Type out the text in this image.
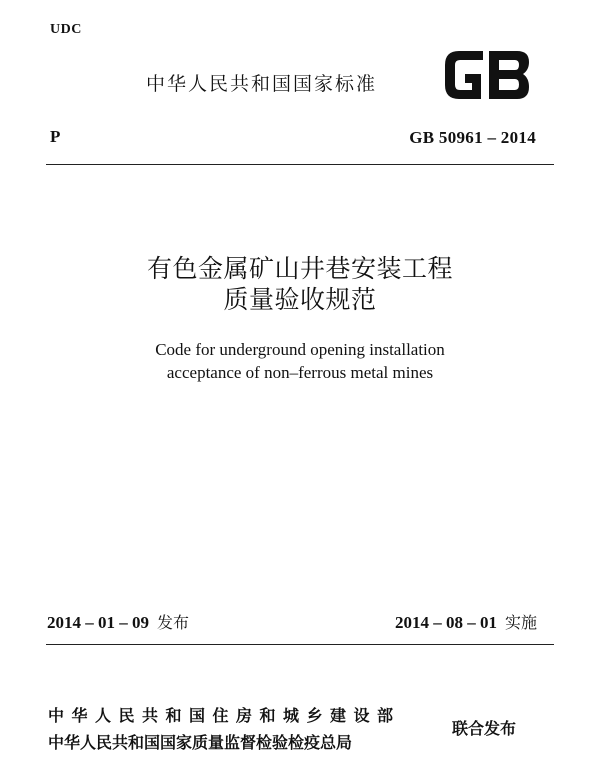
UDC
中华人民共和国国家标准
P	GB 50961 – 2014
有色金属矿山井巷安装工程
质量验收规范
Code for underground opening installation
acceptance of non–ferrous metal mines
2014 – 01 – 09 发布	2014 – 08 – 01 实施
中华人民共和国住房和城乡建设部
中华人民共和国国家质量监督检验检疫总局
联合发布
